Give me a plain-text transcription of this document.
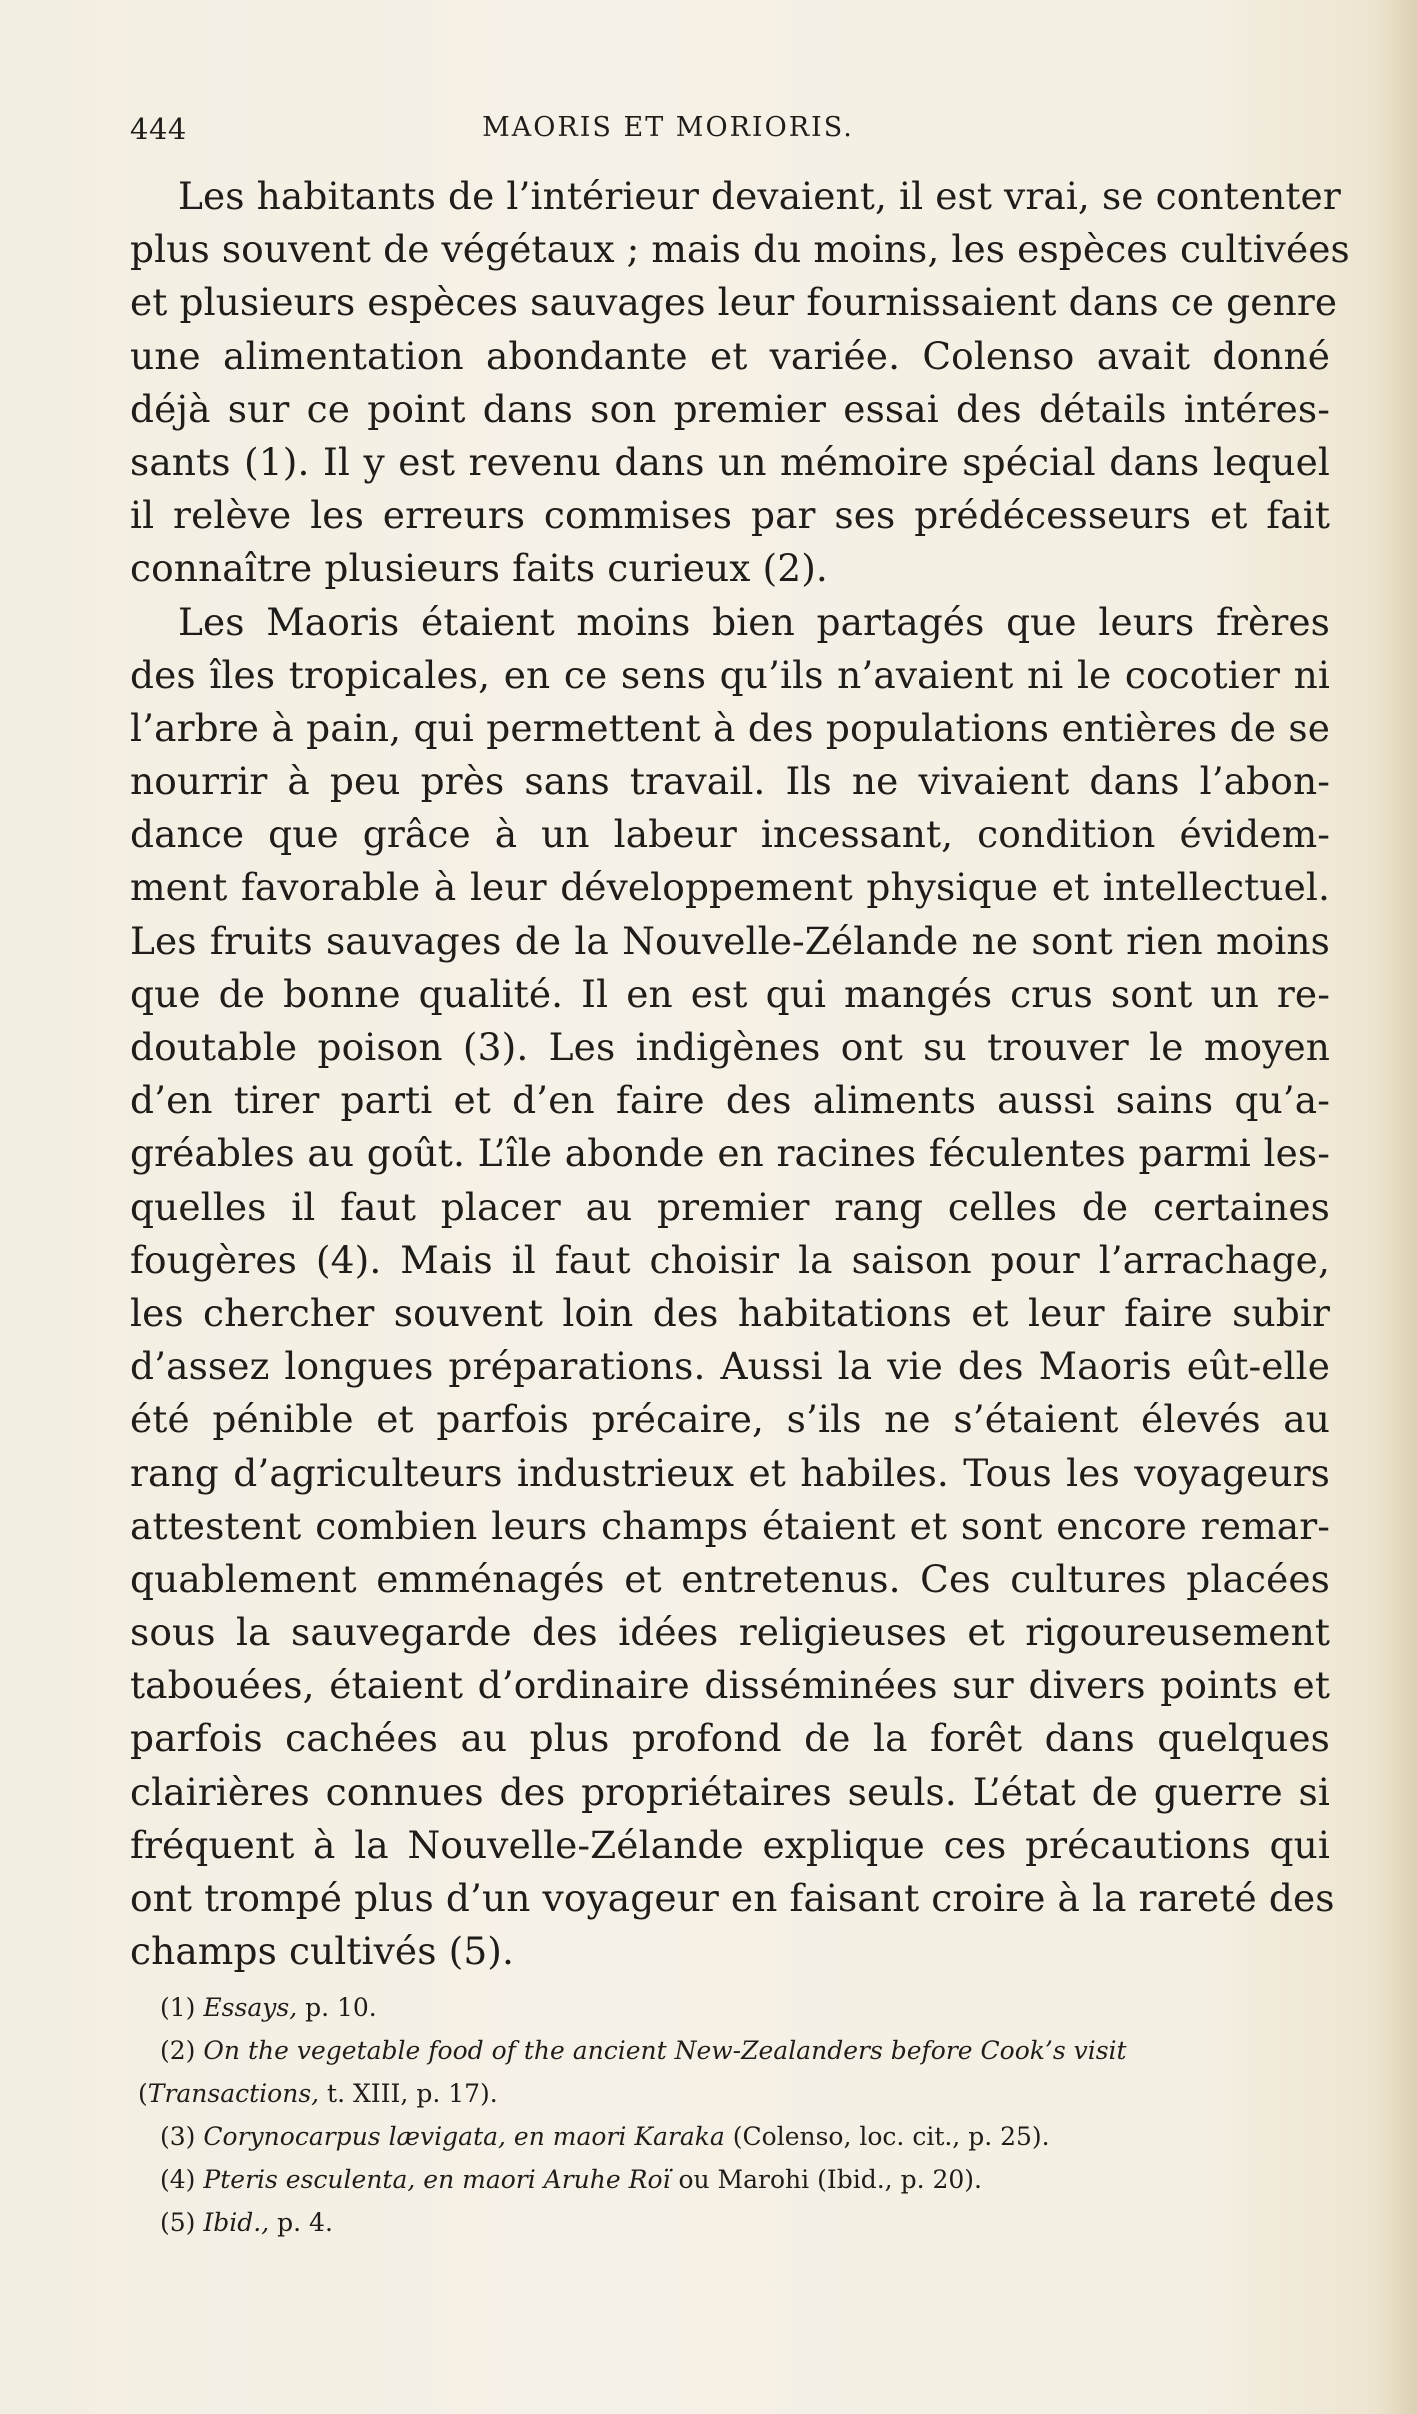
444	MAORIS ET MORIORIS.
Les habitants de l’intérieur devaient, il est vrai, se contenter
plus souvent de végétaux ; mais du moins, les espèces cultivées
et plusieurs espèces sauvages leur fournissaient dans ce genre
une alimentation abondante et variée. Colenso avait donné
déjà sur ce point dans son premier essai des détails intéres-
sants (1). Il y est revenu dans un mémoire spécial dans lequel
il relève les erreurs commises par ses prédécesseurs et fait
connaître plusieurs faits curieux (2).
Les Maoris étaient moins bien partagés que leurs frères
des îles tropicales, en ce sens qu’ils n’avaient ni le cocotier ni
l’arbre à pain, qui permettent à des populations entières de se
nourrir à peu près sans travail. Ils ne vivaient dans l’abon-
dance que grâce à un labeur incessant, condition évidem-
ment favorable à leur développement physique et intellectuel.
Les fruits sauvages de la Nouvelle-Zélande ne sont rien moins
que de bonne qualité. Il en est qui mangés crus sont un re-
doutable poison (3). Les indigènes ont su trouver le moyen
d’en tirer parti et d’en faire des aliments aussi sains qu’a-
gréables au goût. L’île abonde en racines féculentes parmi les-
quelles il faut placer au premier rang celles de certaines
fougères (4). Mais il faut choisir la saison pour l’arrachage,
les chercher souvent loin des habitations et leur faire subir
d’assez longues préparations. Aussi la vie des Maoris eût-elle
été pénible et parfois précaire, s’ils ne s’étaient élevés au
rang d’agriculteurs industrieux et habiles. Tous les voyageurs
attestent combien leurs champs étaient et sont encore remar-
quablement emménagés et entretenus. Ces cultures placées
sous la sauvegarde des idées religieuses et rigoureusement
tabouées, étaient d’ordinaire disséminées sur divers points et
parfois cachées au plus profond de la forêt dans quelques
clairières connues des propriétaires seuls. L’état de guerre si
fréquent à la Nouvelle-Zélande explique ces précautions qui
ont trompé plus d’un voyageur en faisant croire à la rareté des
champs cultivés (5).
(1) Essays, p. 10.
(2) On the vegetable food of the ancient New-Zealanders before Cook’s visit
(Transactions, t. XIII, p. 17).
(3) Corynocarpus lævigata, en maori Karaka (Colenso, loc. cit., p. 25).
(4) Pteris esculenta, en maori Aruhe Roï ou Marohi (Ibid., p. 20).
(5) Ibid., p. 4.
